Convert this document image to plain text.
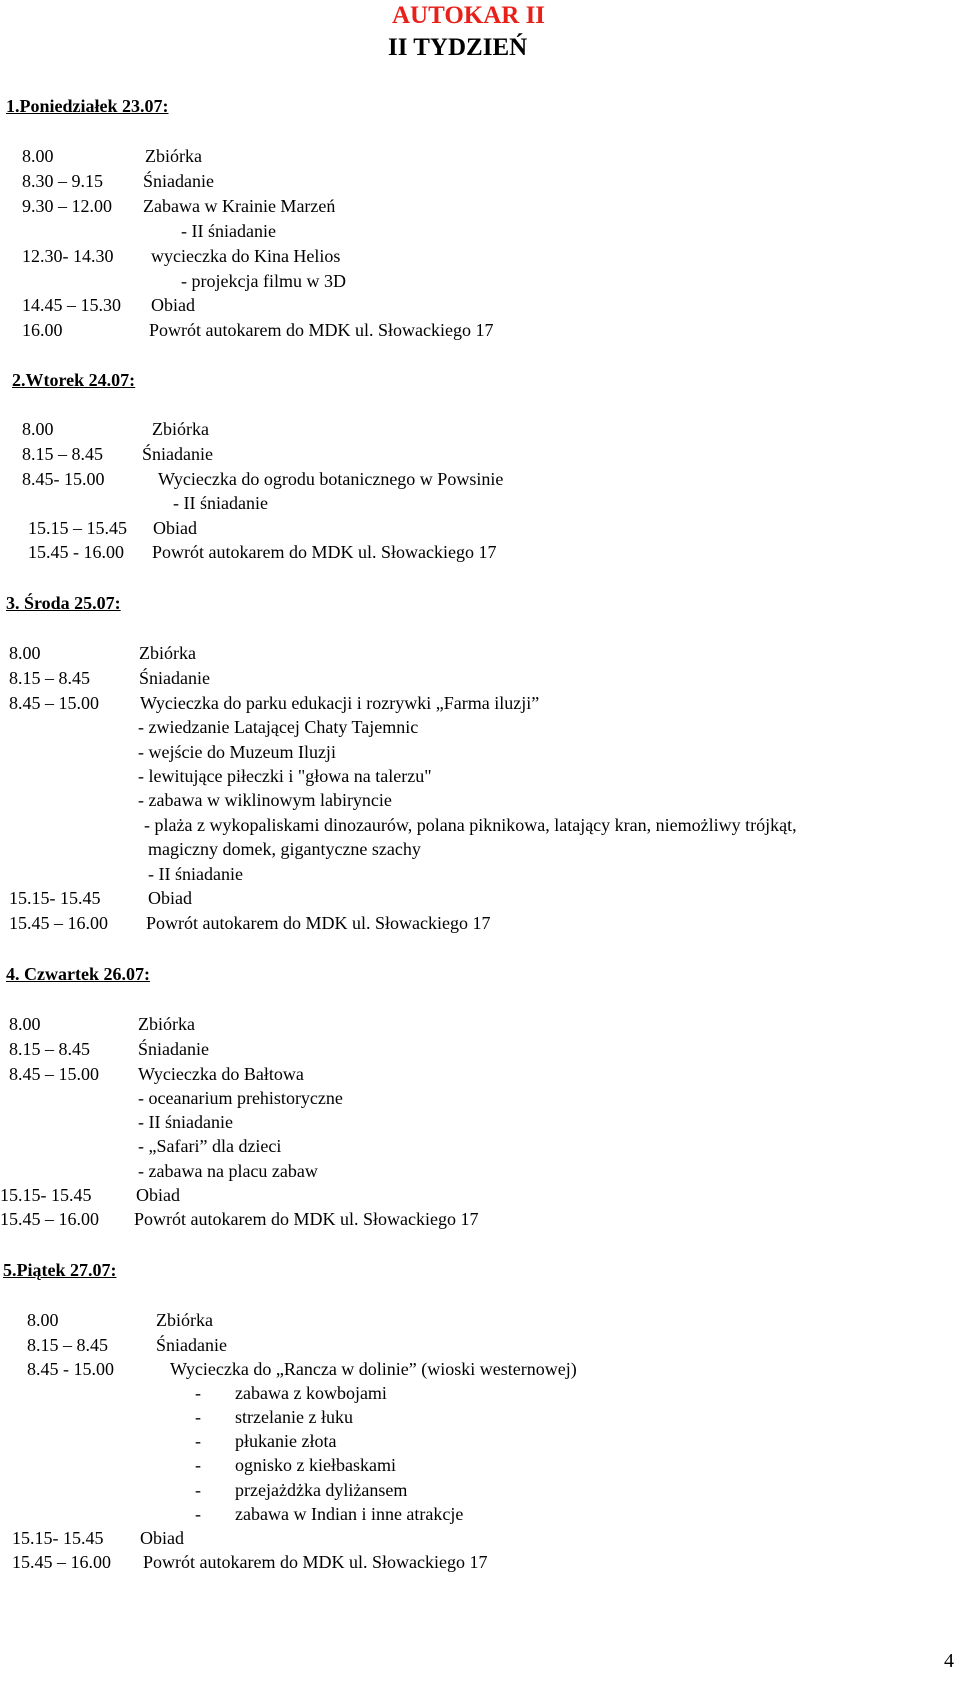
AUTOKAR II
II TYDZIEŃ
1.Poniedziałek 23.07:
8.00	Zbiórka
8.30 – 9.15 Śniadanie
9.30 – 12.00 Zabawa w Krainie Marzeń
- II śniadanie
12.30- 14.30 wycieczka do Kina Helios
- projekcja filmu w 3D
14.45 – 15.30 Obiad
16.00	Powrót autokarem do MDK ul. Słowackiego 17
2.Wtorek 24.07:
8.00	Zbiórka
8.15 – 8.45 Śniadanie
8.45- 15.00	Wycieczka do ogrodu botanicznego w Powsinie
- II śniadanie
15.15 – 15.45 Obiad
15.45 - 16.00 Powrót autokarem do MDK ul. Słowackiego 17
3. Środa 25.07:
8.00	Zbiórka
8.15 – 8.45	Śniadanie
8.45 – 15.00 Wycieczka do parku edukacji i rozrywki „Farma iluzji”
- zwiedzanie Latającej Chaty Tajemnic
- wejście do Muzeum Iluzji
- lewitujące piłeczki i "głowa na talerzu"
- zabawa w wiklinowym labiryncie
- plaża z wykopaliskami dinozaurów, polana piknikowa, latający kran, niemożliwy trójkąt,
magiczny domek, gigantyczne szachy
- II śniadanie
15.15- 15.45	Obiad
15.45 – 16.00 Powrót autokarem do MDK ul. Słowackiego 17
4. Czwartek 26.07:
8.00	Zbiórka
8.15 – 8.45	Śniadanie
8.45 – 15.00 Wycieczka do Bałtowa
- oceanarium prehistoryczne
- II śniadanie
- „Safari” dla dzieci
- zabawa na placu zabaw
15.15- 15.45 Obiad
15.45 – 16.00 Powrót autokarem do MDK ul. Słowackiego 17
5.Piątek 27.07:
8.00	Zbiórka
8.15 – 8.45	Śniadanie
8.45 - 15.00	Wycieczka do „Rancza w dolinie” (wioski westernowej)
- zabawa z kowbojami
- strzelanie z łuku
- płukanie złota
- ognisko z kiełbaskami
- przejażdżka dyliżansem
- zabawa w Indian i inne atrakcje
15.15- 15.45 Obiad
15.45 – 16.00 Powrót autokarem do MDK ul. Słowackiego 17
4
